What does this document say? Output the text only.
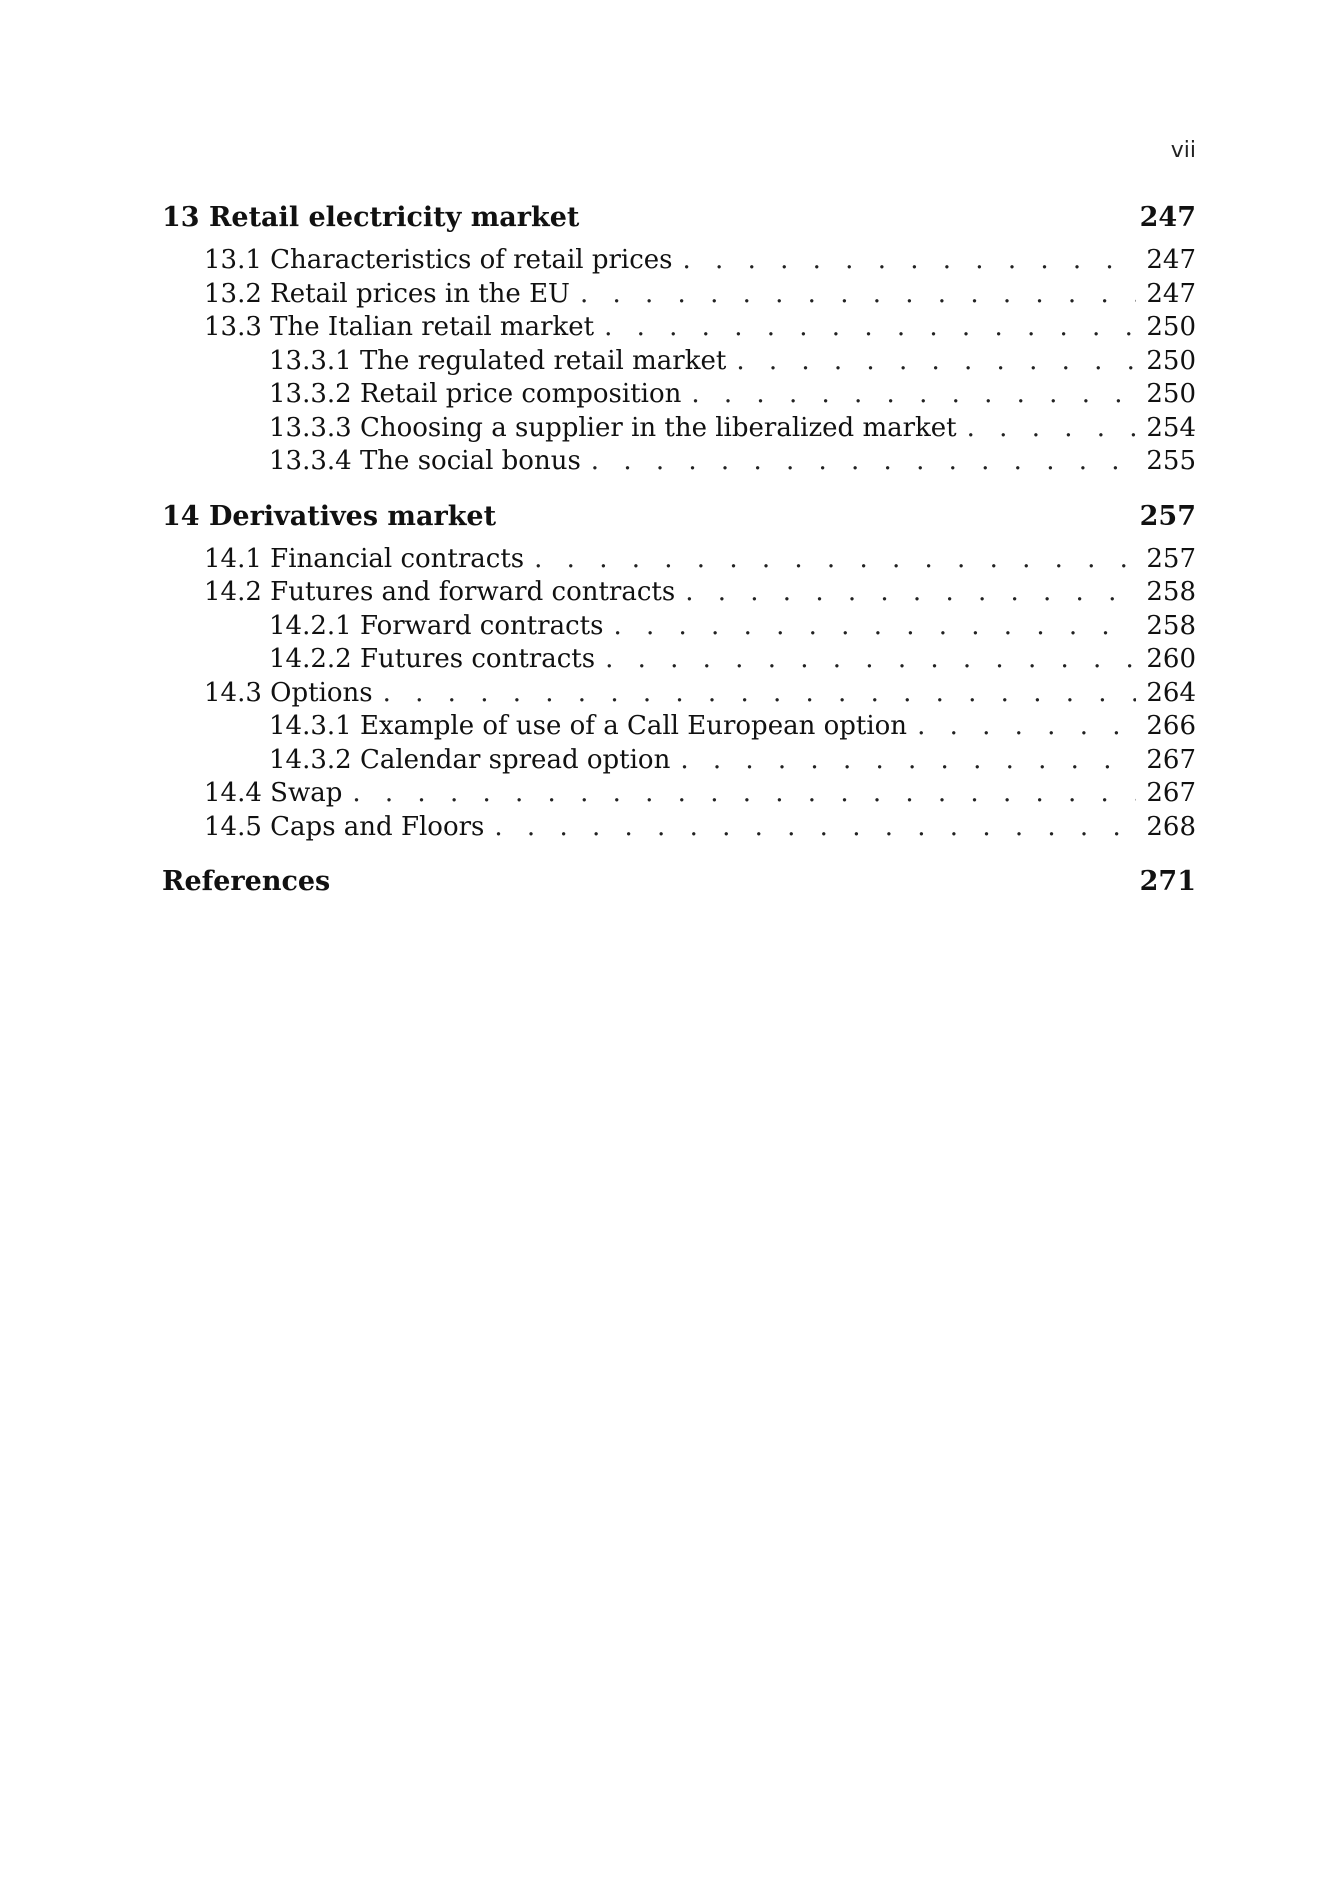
vii
13 Retail electricity market	247
13.1 Characteristics of retail prices . . .	247
13.2 Retail prices in the EU . . .	247
13.3 The Italian retail market . . .	250
13.3.1 The regulated retail market . . .	250
13.3.2 Retail price composition . . .	250
13.3.3 Choosing a supplier in the liberalized market . . .	254
13.3.4 The social bonus . . .	255
14 Derivatives market	257
14.1 Financial contracts . . .	257
14.2 Futures and forward contracts . . .	258
14.2.1 Forward contracts . . .	258
14.2.2 Futures contracts . . .	260
14.3 Options . . .	264
14.3.1 Example of use of a Call European option . . .	266
14.3.2 Calendar spread option . . .	267
14.4 Swap . . .	267
14.5 Caps and Floors . . .	268
References	271
